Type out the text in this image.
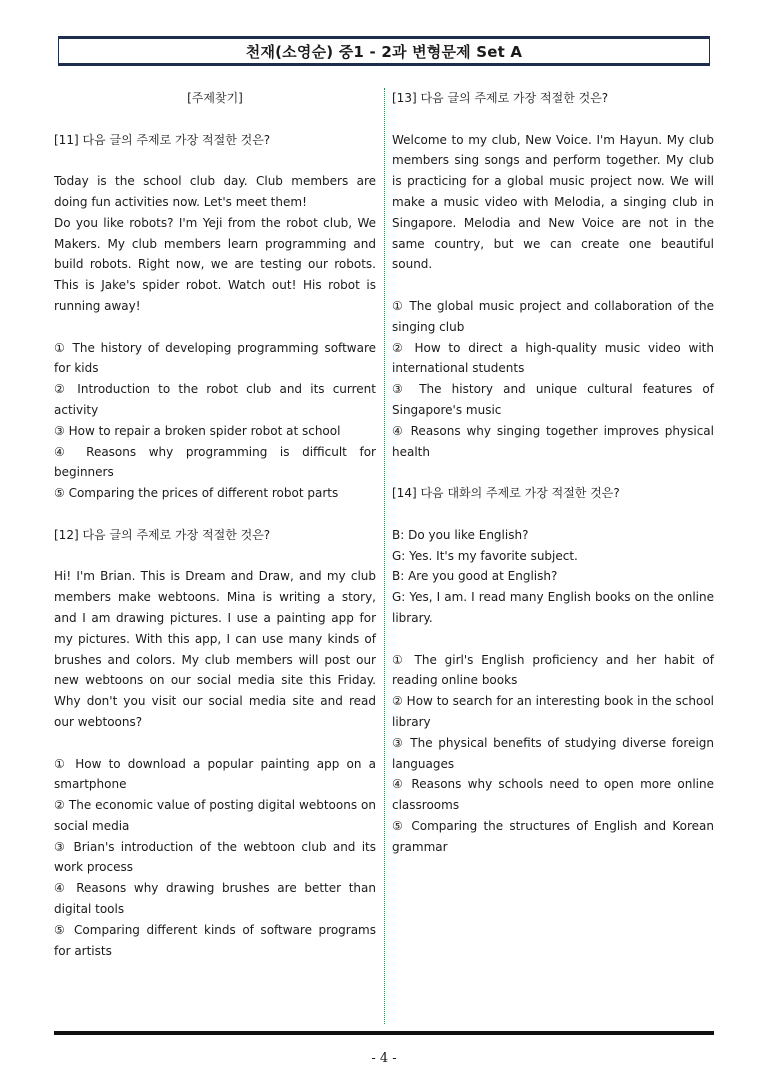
천재(소영순) 중1 - 2과 변형문제 Set A
[주제찾기]
[11] 다음 글의 주제로 가장 적절한 것은?

Today is the school club day. Club members are doing fun activities now. Let's meet them!

Do you like robots? I'm Yeji from the robot club, We Makers. My club members learn programming and build robots. Right now, we are testing our robots. This is Jake's spider robot. Watch out! His robot is running away!

① The history of developing programming software for kids

② Introduction to the robot club and its current activity

③ How to repair a broken spider robot at school

④ Reasons why programming is difficult for beginners

⑤ Comparing the prices of different robot parts

[12] 다음 글의 주제로 가장 적절한 것은?

Hi! I'm Brian. This is Dream and Draw, and my club members make webtoons. Mina is writing a story, and I am drawing pictures. I use a painting app for my pictures. With this app, I can use many kinds of brushes and colors. My club members will post our new webtoons on our social media site this Friday. Why don't you visit our social media site and read our webtoons?

① How to download a popular painting app on a smartphone

② The economic value of posting digital webtoons on social media

③ Brian's introduction of the webtoon club and its work process

④ Reasons why drawing brushes are better than digital tools

⑤ Comparing different kinds of software programs for artists

[13] 다음 글의 주제로 가장 적절한 것은?

Welcome to my club, New Voice. I'm Hayun. My club members sing songs and perform together. My club is practicing for a global music project now. We will make a music video with Melodia, a singing club in Singapore. Melodia and New Voice are not in the same country, but we can create one beautiful sound.

① The global music project and collaboration of the singing club

② How to direct a high-quality music video with international students

③ The history and unique cultural features of Singapore's music

④ Reasons why singing together improves physical health

[14] 다음 대화의 주제로 가장 적절한 것은?

B: Do you like English?

G: Yes. It's my favorite subject.

B: Are you good at English?

G: Yes, I am. I read many English books on the online library.

① The girl's English proficiency and her habit of reading online books

② How to search for an interesting book in the school library

③ The physical benefits of studying diverse foreign languages

④ Reasons why schools need to open more online classrooms

⑤ Comparing the structures of English and Korean grammar

- 4 -
